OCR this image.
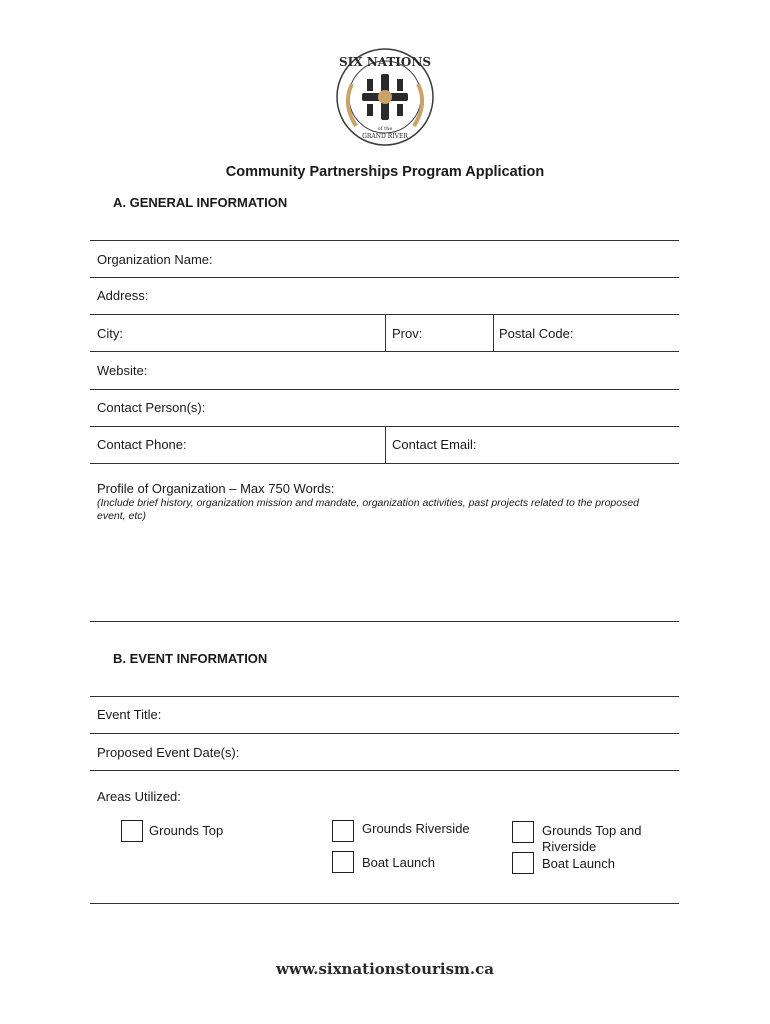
SIX NATIONS
of the
GRAND RIVER
Community Partnerships Program Application
A. GENERAL INFORMATION
Organization Name:
Address:
City:	Prov:	Postal Code:
Website:
Contact Person(s):
Contact Phone:	Contact Email:
Profile of Organization – Max 750 Words:
(Include brief history, organization mission and mandate, organization activities, past projects related to the proposed event, etc)
B. EVENT INFORMATION
Event Title:
Proposed Event Date(s):
Areas Utilized:
Grounds Top	Grounds Riverside
Boat Launch
Grounds Top and
Riverside
Boat Launch
www.sixnationstourism.ca
